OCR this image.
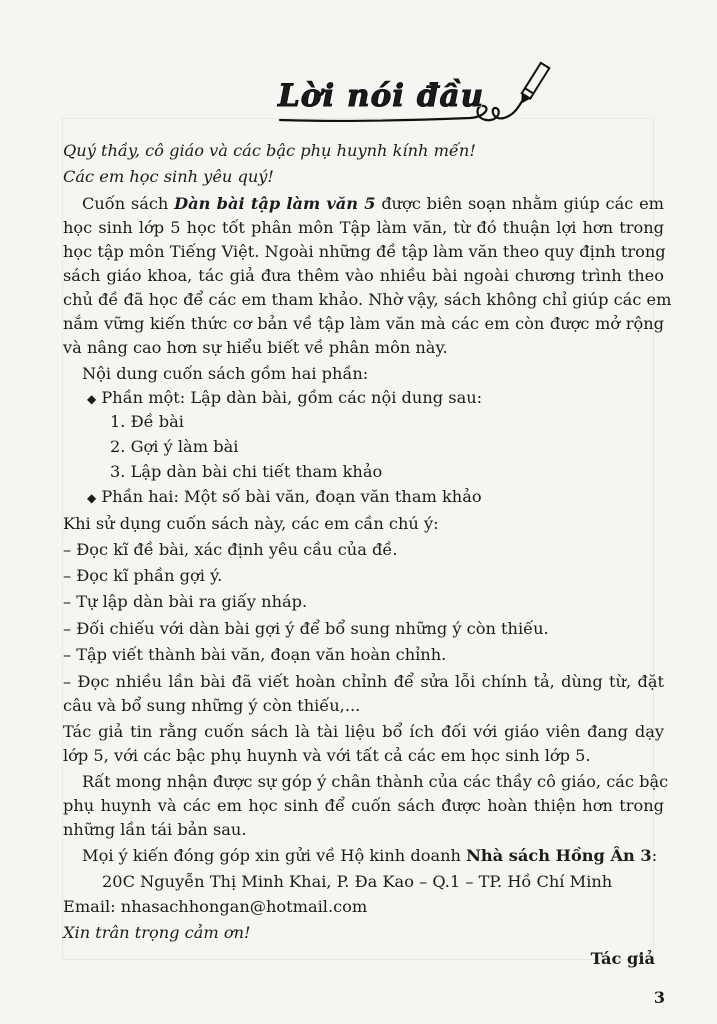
Lời nói đầu
Quý thầy, cô giáo và các bậc phụ huynh kính mến!
Các em học sinh yêu quý!
Cuốn sách Dàn bài tập làm văn 5 được biên soạn nhằm giúp các em
học sinh lớp 5 học tốt phân môn Tập làm văn, từ đó thuận lợi hơn trong
học tập môn Tiếng Việt. Ngoài những đề tập làm văn theo quy định trong
sách giáo khoa, tác giả đưa thêm vào nhiều bài ngoài chương trình theo
chủ đề đã học để các em tham khảo. Nhờ vậy, sách không chỉ giúp các em
nắm vững kiến thức cơ bản về tập làm văn mà các em còn được mở rộng
và nâng cao hơn sự hiểu biết về phân môn này.
Nội dung cuốn sách gồm hai phần:
◆ Phần một: Lập dàn bài, gồm các nội dung sau:
1. Đề bài
2. Gợi ý làm bài
3. Lập dàn bài chi tiết tham khảo
◆ Phần hai: Một số bài văn, đoạn văn tham khảo
Khi sử dụng cuốn sách này, các em cần chú ý:
– Đọc kĩ đề bài, xác định yêu cầu của đề.
– Đọc kĩ phần gợi ý.
– Tự lập dàn bài ra giấy nháp.
– Đối chiếu với dàn bài gợi ý để bổ sung những ý còn thiếu.
– Tập viết thành bài văn, đoạn văn hoàn chỉnh.
– Đọc nhiều lần bài đã viết hoàn chỉnh để sửa lỗi chính tả, dùng từ, đặt
câu và bổ sung những ý còn thiếu,...
Tác giả tin rằng cuốn sách là tài liệu bổ ích đối với giáo viên đang dạy
lớp 5, với các bậc phụ huynh và với tất cả các em học sinh lớp 5.
Rất mong nhận được sự góp ý chân thành của các thầy cô giáo, các bậc
phụ huynh và các em học sinh để cuốn sách được hoàn thiện hơn trong
những lần tái bản sau.
Mọi ý kiến đóng góp xin gửi về Hộ kinh doanh Nhà sách Hồng Ân 3:
20C Nguyễn Thị Minh Khai, P. Đa Kao – Q.1 – TP. Hồ Chí Minh
Email: nhasachhongan@hotmail.com
Xin trân trọng cảm ơn!
Tác giả
3
